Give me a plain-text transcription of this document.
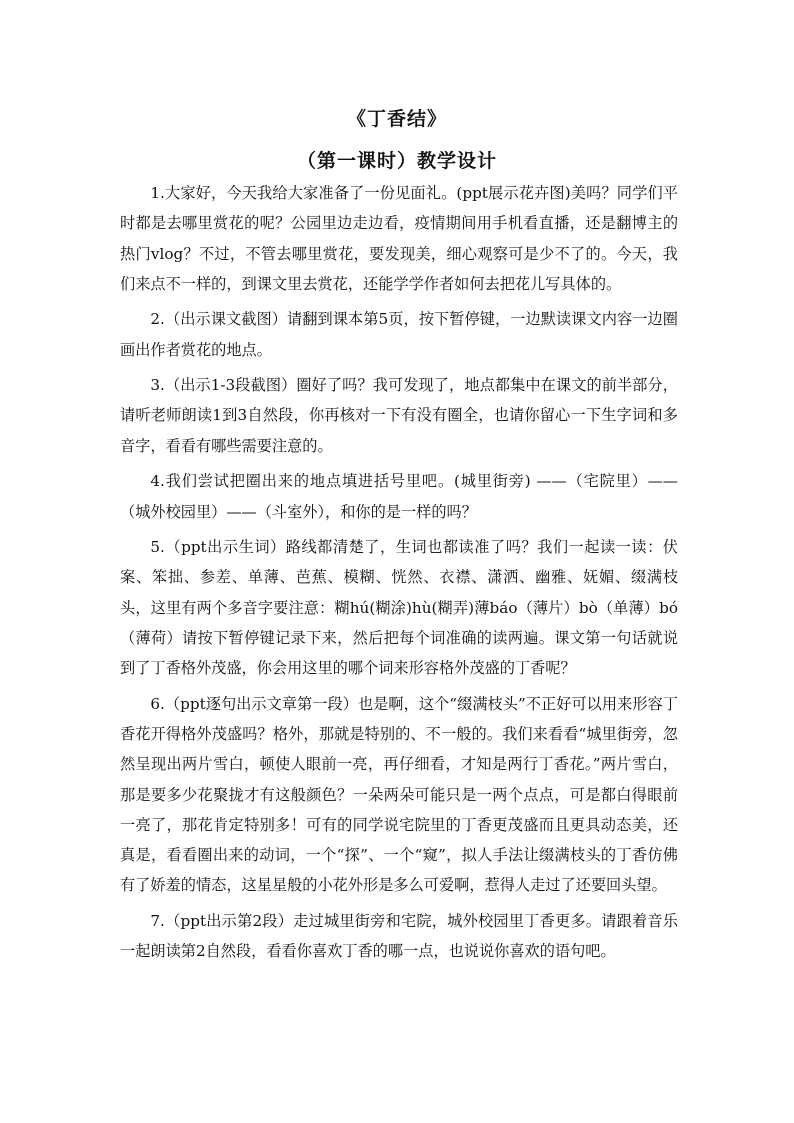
《丁香结》
（第一课时）教学设计

1.大家好，今天我给大家准备了一份见面礼。(ppt展示花卉图)美吗？同学们平时都是去哪里赏花的呢？公园里边走边看，疫情期间用手机看直播，还是翻博主的热门vlog？不过，不管去哪里赏花，要发现美，细心观察可是少不了的。今天，我们来点不一样的，到课文里去赏花，还能学学作者如何去把花儿写具体的。

2.（出示课文截图）请翻到课本第5页，按下暂停键，一边默读课文内容一边圈画出作者赏花的地点。

3.（出示1-3段截图）圈好了吗？我可发现了，地点都集中在课文的前半部分，请听老师朗读1到3自然段，你再核对一下有没有圈全，也请你留心一下生字词和多音字，看看有哪些需要注意的。

4.我们尝试把圈出来的地点填进括号里吧。(城里街旁) ——（宅院里）——（城外校园里）——（斗室外），和你的是一样的吗？

5.（ppt出示生词）路线都清楚了，生词也都读准了吗？我们一起读一读：伏案、笨拙、参差、单薄、芭蕉、模糊、恍然、衣襟、潇洒、幽雅、妩媚、缀满枝头，这里有两个多音字要注意：糊hú(糊涂)hù(糊弄)薄báo（薄片）bò（单薄）bó（薄荷）请按下暂停键记录下来，然后把每个词准确的读两遍。课文第一句话就说到了丁香格外茂盛，你会用这里的哪个词来形容格外茂盛的丁香呢？

6.（ppt逐句出示文章第一段）也是啊，这个“缀满枝头”不正好可以用来形容丁香花开得格外茂盛吗？格外，那就是特别的、不一般的。我们来看看“城里街旁，忽然呈现出两片雪白，顿使人眼前一亮，再仔细看，才知是两行丁香花。”两片雪白，那是要多少花聚拢才有这般颜色？一朵两朵可能只是一两个点点，可是都白得眼前一亮了，那花肯定特别多！可有的同学说宅院里的丁香更茂盛而且更具动态美，还真是，看看圈出来的动词，一个“探”、一个“窥”，拟人手法让缀满枝头的丁香仿佛有了娇羞的情态，这星星般的小花外形是多么可爱啊，惹得人走过了还要回头望。

7.（ppt出示第2段）走过城里街旁和宅院，城外校园里丁香更多。请跟着音乐一起朗读第2自然段，看看你喜欢丁香的哪一点，也说说你喜欢的语句吧。
